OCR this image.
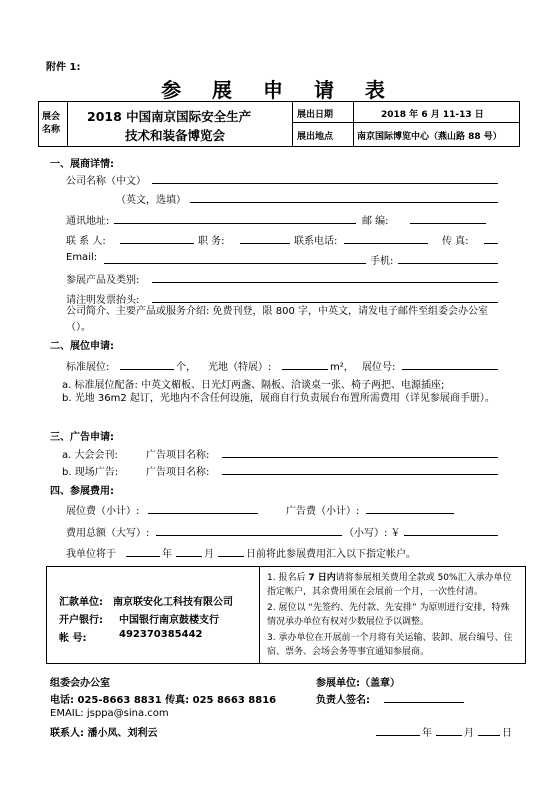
附件 1:
参 展 申 请 表
展会
名称
2018 中国南京国际安全生产
技术和装备博览会
展出日期	2018 年 6 月 11-13 日
展出地点	南京国际博览中心（燕山路 88 号）
一、展商详情:
公司名称（中文）
（英文，选填）
通讯地址:	邮 编:
联 系 人:	职 务:	联系电话:	传 真:
Email:	手机:
参展产品及类别:
请注明发票抬头:
公司简介、主要产品或服务介绍: 免费刊登，限 800 字，中英文，请发电子邮件至组委会办公室（）。
二、展位申请:
标准展位:	个， 光地（特展）:	m²， 展位号:
a. 标准展位配备: 中英文楣板、日光灯两盏、隔板、洽谈桌一张、椅子两把、电源插座;
b. 光地 36m2 起订，光地内不含任何设施，展商自行负责展台布置所需费用（详见参展商手册）。
三、广告申请:
a. 大会会刊:	广告项目名称:
b. 现场广告:	广告项目名称:
四、参展费用:
展位费（小计）:	广告费（小计）:
费用总额（大写）:	（小写）: ￥
我单位将于	年	月	日前将此参展费用汇入以下指定帐户。
汇款单位: 南京联安化工科技有限公司
开户银行: 中国银行南京鼓楼支行
帐 号:	492370385442
1. 报名后 7 日内请将参展相关费用全款或 50%汇入承办单位指定帐户，其余费用须在会展前一个月，一次性付清。
2. 展位以 “先签约、先付款、先安排” 为原则进行安排，特殊情况承办单位有权对少数展位予以调整。
3. 承办单位在开展前一个月将有关运输、装卸、展台编号、住宿、票务、会场会务等事宜通知参展商。
组委会办公室
电话: 025-8663 8831 传真: 025 8663 8816
EMAIL: jsppa@sina.com
联系人: 潘小凤、刘利云
参展单位:（盖章）
负责人签名:
年	月	日
